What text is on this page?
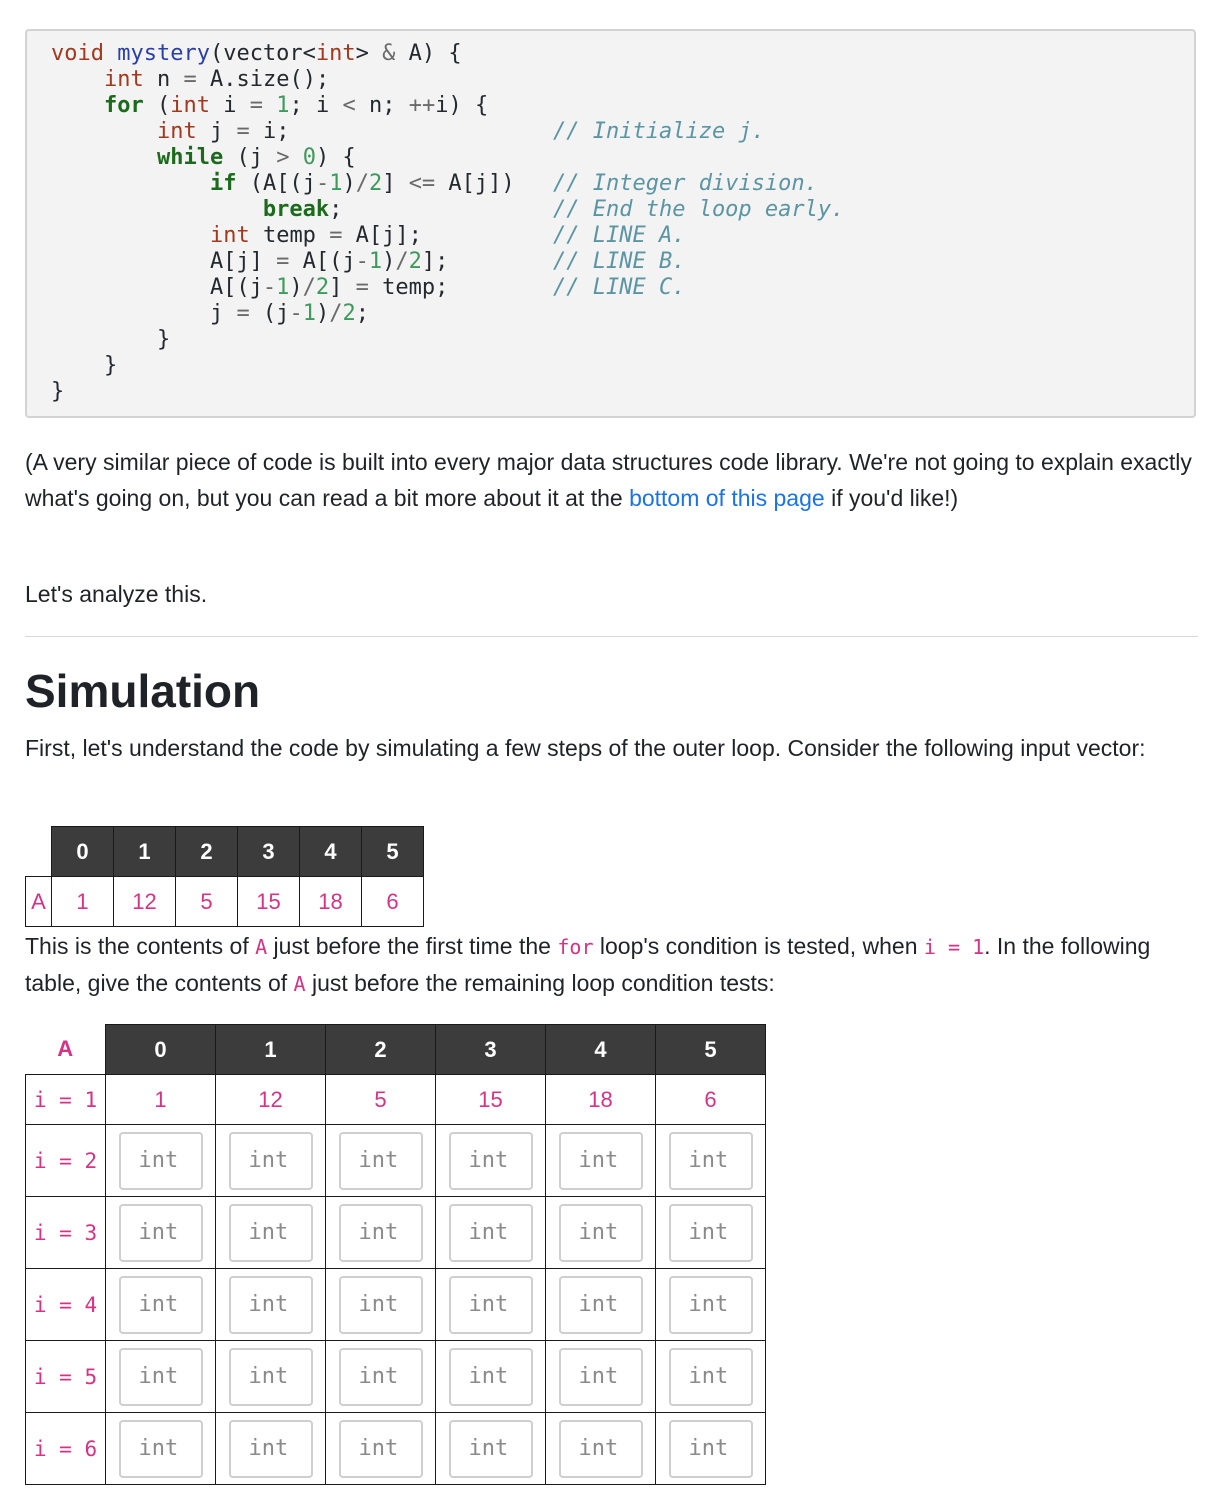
void mystery(vector<int> & A) {
int n = A.size();
for (int i = 1; i < n; ++i) {
int j = i;
while (j > 0) {
if (A[(j-1)/2] <= A[j])
break;
int temp = A[j];
A[j] = A[(j-1)/2];
A[(j-1)/2] = temp;
j = (j-1)/2;
}
}
}
// Initialize j.
// Integer division.
// End the loop early.
// LINE A.
// LINE B.
// LINE C.
(A very similar piece of code is built into every major data structures code library. We're not going to explain exactly what's going on, but you can read a bit more about it at the bottom of this page if you'd like!)
Let's analyze this.
Simulation
First, let's understand the code by simulating a few steps of the outer loop. Consider the following input vector:
	0	1	2	3	4	5
A	1	12	5	15	18	6
This is the contents of A just before the first time the for loop's condition is tested, when i = 1. In the following table, give the contents of A just before the remaining loop condition tests:
A	0	1	2	3	4	5
i = 1	1	12	5	15	18	6
i = 2	int	int	int	int	int	int
i = 3	int	int	int	int	int	int
i = 4	int	int	int	int	int	int
i = 5	int	int	int	int	int	int
i = 6	int	int	int	int	int	int
